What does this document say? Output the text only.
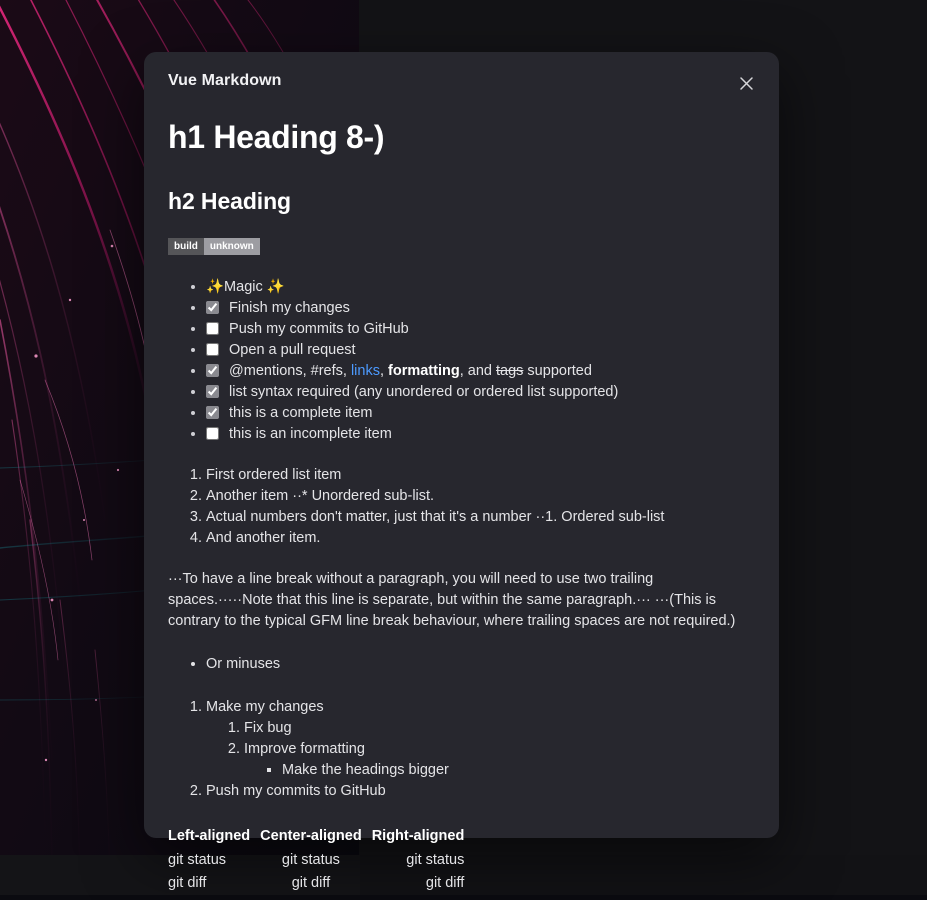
Vue Markdown
h1 Heading 8-)
h2 Heading
build	unknown
• ✨Magic ✨
• Finish my changes
• Push my commits to GitHub
• Open a pull request
• @mentions, #refs, links, formatting, and tags supported
• list syntax required (any unordered or ordered list supported)
• this is a complete item
• this is an incomplete item
1. First ordered list item
2. Another item ··* Unordered sub-list.
3. Actual numbers don't matter, just that it's a number ··1. Ordered sub-list
4. And another item.

···To have a line break without a paragraph, you will need to use two trailing spaces.·····Note that this line is separate, but within the same paragraph.··· ···(This is contrary to the typical GFM line break behaviour, where trailing spaces are not required.)

• Or minuses
1. Make my changes
1. Fix bug
2. Improve formatting
▪ Make the headings bigger
2. Push my commits to GitHub
Left-aligned	Center-aligned	Right-aligned
git status	git status	git status
git diff	git diff	git diff
